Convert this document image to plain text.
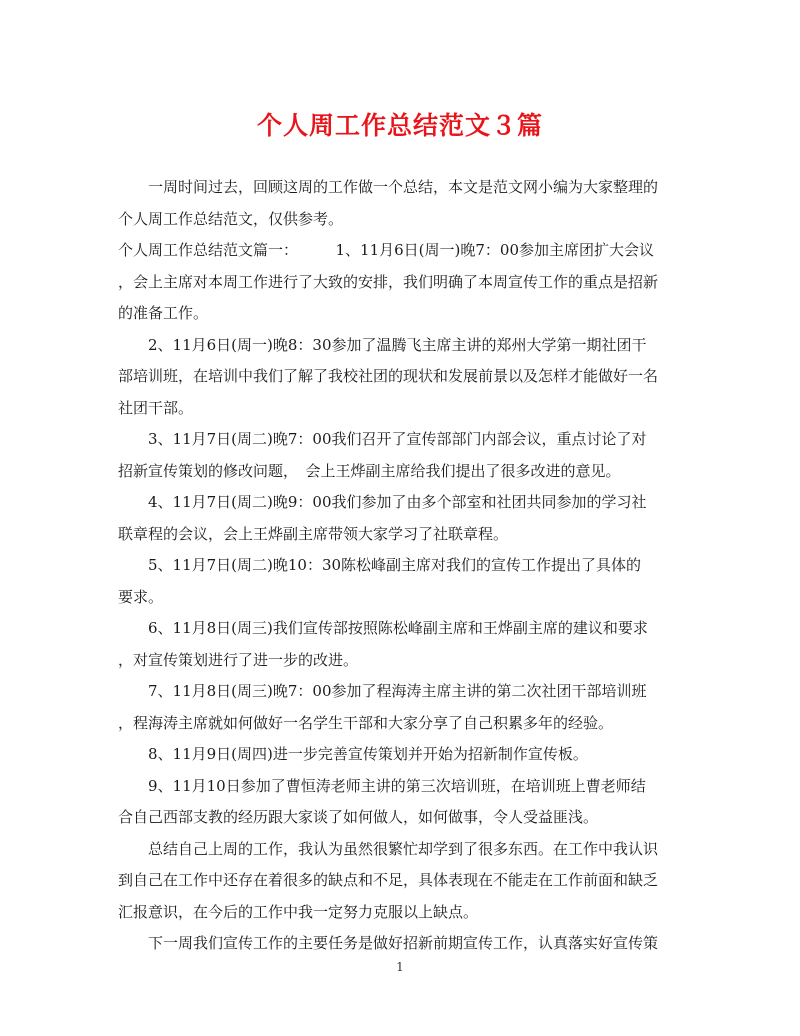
个人周工作总结范文３篇
　　一周时间过去，回顾这周的工作做一个总结，本文是范文网小编为大家整理的
个人周工作总结范文，仅供参考。
个人周工作总结范文篇一：　　　1、11月6日(周一)晚7：00参加主席团扩大会议
，会上主席对本周工作进行了大致的安排，我们明确了本周宣传工作的重点是招新
的准备工作。
　　2、11月6日(周一)晚8：30参加了温腾飞主席主讲的郑州大学第一期社团干
部培训班，在培训中我们了解了我校社团的现状和发展前景以及怎样才能做好一名
社团干部。
　　3、11月7日(周二)晚7：00我们召开了宣传部部门内部会议，重点讨论了对
招新宣传策划的修改问题，　会上王烨副主席给我们提出了很多改进的意见。
　　4、11月7日(周二)晚9：00我们参加了由多个部室和社团共同参加的学习社
联章程的会议，会上王烨副主席带领大家学习了社联章程。
　　5、11月7日(周二)晚10：30陈松峰副主席对我们的宣传工作提出了具体的
要求。
　　6、11月8日(周三)我们宣传部按照陈松峰副主席和王烨副主席的建议和要求
，对宣传策划进行了进一步的改进。
　　7、11月8日(周三)晚7：00参加了程海涛主席主讲的第二次社团干部培训班
，程海涛主席就如何做好一名学生干部和大家分享了自己积累多年的经验。
　　8、11月9日(周四)进一步完善宣传策划并开始为招新制作宣传板。
　　9、11月10日参加了曹恒涛老师主讲的第三次培训班，在培训班上曹老师结
合自己西部支教的经历跟大家谈了如何做人，如何做事，令人受益匪浅。
　　总结自己上周的工作，我认为虽然很繁忙却学到了很多东西。在工作中我认识
到自己在工作中还存在着很多的缺点和不足，具体表现在不能走在工作前面和缺乏
汇报意识，在今后的工作中我一定努力克服以上缺点。
　　下一周我们宣传工作的主要任务是做好招新前期宣传工作，认真落实好宣传策
1
